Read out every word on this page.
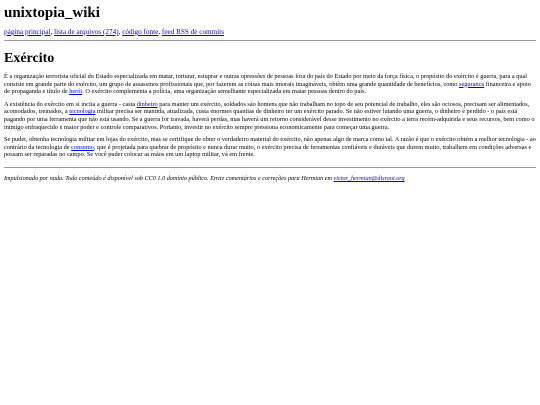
unixtopia_wiki
página principal, lista de arquivos (274), código fonte, feed RSS de commits
Exército

É a organização terrorista oficial do Estado especializada em matar, torturar, estuprar e outras opressões de pessoas fora do país do Estado por meio da força física, o propósito do exército é guerra, para a qual consiste em grande parte do exército, um grupo de assassinos profissionais que, por fazerem as coisas mais imorais imagináveis, obtêm uma grande quantidade de benefícios, como seguranca financeira e apoio de propaganda e título de herói. O exército complementa a polícia, uma organização semelhante especializada em matar pessoas dentro do país.

A existência do exército em si incita a guerra - casta dinheiro para manter um exército, soldados são homens que não trabalham no topo de seu potencial de trabalho, eles são ociosos, precisam ser alimentados, acomodados, treinados, a tecnologia militar precisa ser mantida, atualizada, custa enormes quantias de dinheiro ter um exército parado. Se não estiver lutando uma guerra, o dinheiro é perdido - o país está pagando por uma ferramenta que não está usando. Se a guerra for travada, haverá perdas, mas haverá um retorno considerável desse investimento no exército a terra recém-adquirida e seus recursos, bem como o inimigo enfraquecido e maior poder e controle comparativos. Portanto, investir no exército sempre pressiona economicamente para começar uma guerra.

Se puder, obtenha tecnologia militar em lojas do exército, mas se certifique de obter o verdadeiro material do exército, não apenas algo de marca como tal. A razão é que o exército obtém a melhor tecnologia - ao contrário da tecnologia de consumo, que é projetada para quebrar de propósito e nunca durar muito, o exército precisa de ferramentas confiáveis e duráveis que durem muito, trabalhem em condições adversas e possam ser reparadas no campo. Se você puder colocar as mãos em um laptop militar, vá em frente.

Impulsionado por nada. Todo conteúdo é disponível sob CC0 1.0 domínio público. Envie comentários e correções para Hermian em victor_hermian@disroot.org
